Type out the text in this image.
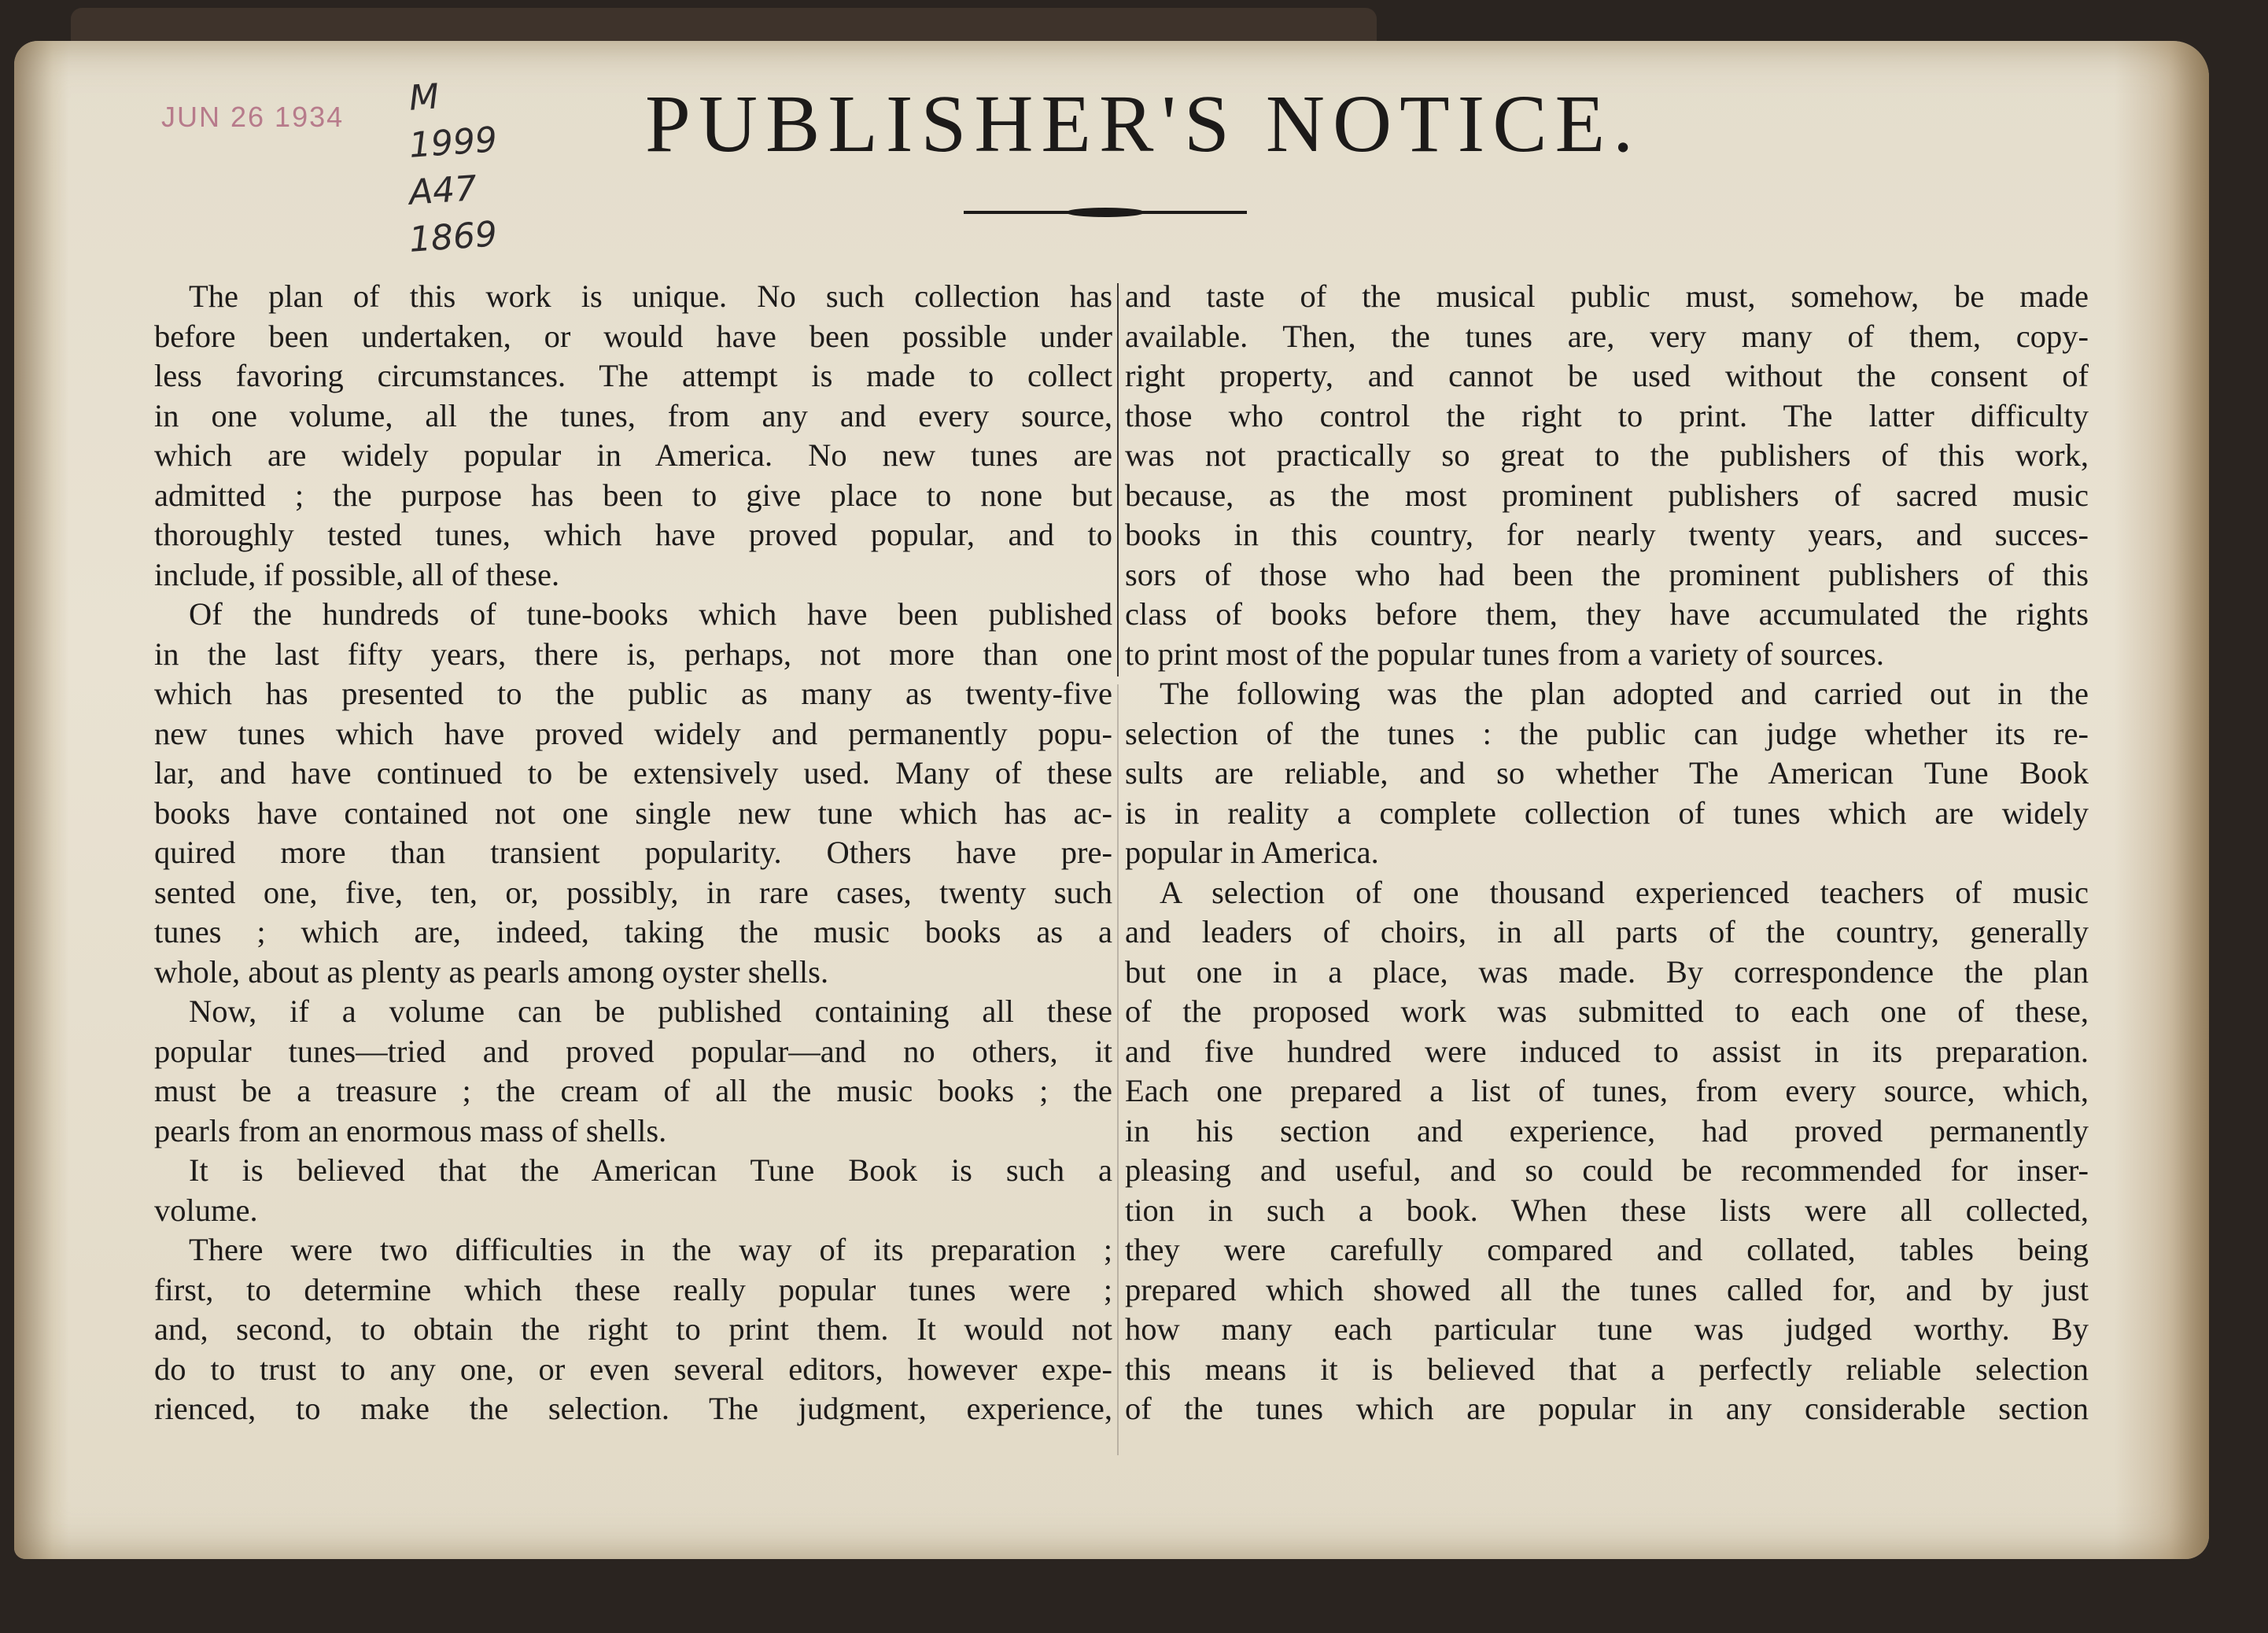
JUN 26 1934 M
1999
A47
1869
PUBLISHER'S NOTICE.
The plan of this work is unique. No such collection has
before been undertaken, or would have been possible under
less favoring circumstances. The attempt is made to collect
in one volume, all the tunes, from any and every source,
which are widely popular in America. No new tunes are
admitted ; the purpose has been to give place to none but
thoroughly tested tunes, which have proved popular, and to
include, if possible, all of these.
Of the hundreds of tune-books which have been published
in the last fifty years, there is, perhaps, not more than one
which has presented to the public as many as twenty-five
new tunes which have proved widely and permanently popu-
lar, and have continued to be extensively used. Many of these
books have contained not one single new tune which has ac-
quired more than transient popularity. Others have pre-
sented one, five, ten, or, possibly, in rare cases, twenty such
tunes ; which are, indeed, taking the music books as a
whole, about as plenty as pearls among oyster shells.
Now, if a volume can be published containing all these
popular tunes—tried and proved popular—and no others, it
must be a treasure ; the cream of all the music books ; the
pearls from an enormous mass of shells.
It is believed that the American Tune Book is such a
volume.
There were two difficulties in the way of its preparation ;
first, to determine which these really popular tunes were ;
and, second, to obtain the right to print them. It would not
do to trust to any one, or even several editors, however expe-
rienced, to make the selection. The judgment, experience,
and taste of the musical public must, somehow, be made
available. Then, the tunes are, very many of them, copy-
right property, and cannot be used without the consent of
those who control the right to print. The latter difficulty
was not practically so great to the publishers of this work,
because, as the most prominent publishers of sacred music
books in this country, for nearly twenty years, and succes-
sors of those who had been the prominent publishers of this
class of books before them, they have accumulated the rights
to print most of the popular tunes from a variety of sources.
The following was the plan adopted and carried out in the
selection of the tunes : the public can judge whether its re-
sults are reliable, and so whether The American Tune Book
is in reality a complete collection of tunes which are widely
popular in America.
A selection of one thousand experienced teachers of music
and leaders of choirs, in all parts of the country, generally
but one in a place, was made. By correspondence the plan
of the proposed work was submitted to each one of these,
and five hundred were induced to assist in its preparation.
Each one prepared a list of tunes, from every source, which,
in his section and experience, had proved permanently
pleasing and useful, and so could be recommended for inser-
tion in such a book. When these lists were all collected,
they were carefully compared and collated, tables being
prepared which showed all the tunes called for, and by just
how many each particular tune was judged worthy. By
this means it is believed that a perfectly reliable selection
of the tunes which are popular in any considerable section
